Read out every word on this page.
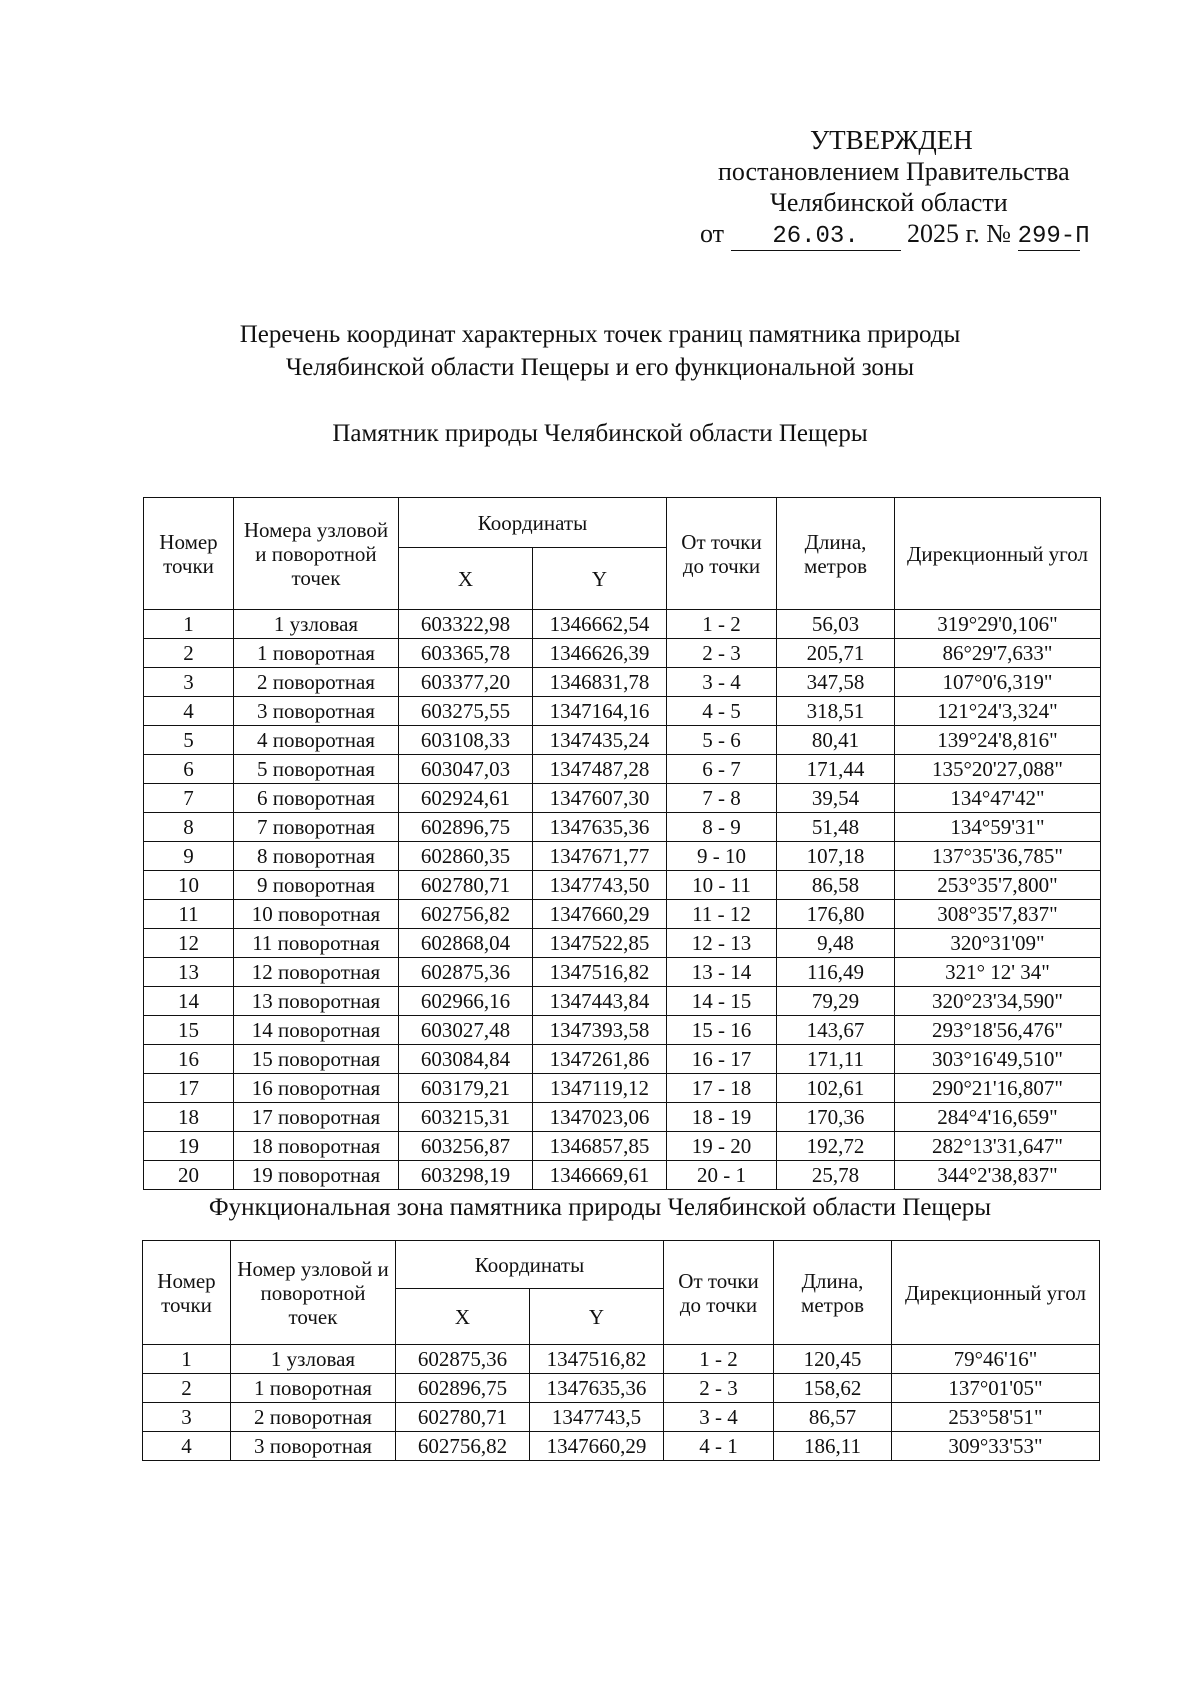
УТВЕРЖДЕН
постановлением Правительства
Челябинской области
от 26.03. 2025 г. № 299-П
Перечень координат характерных точек границ памятника природы
Челябинской области Пещеры и его функциональной зоны
Памятник природы Челябинской области Пещеры
Номер точки	Номера узловой и поворотной точек	Координаты		От точки до точки	Длина, метров	Дирекционный угол
		X	Y			
1	1 узловая	603322,98	1346662,54	1 - 2	56,03	319°29'0,106"
2	1 поворотная	603365,78	1346626,39	2 - 3	205,71	86°29'7,633"
3	2 поворотная	603377,20	1346831,78	3 - 4	347,58	107°0'6,319"
4	3 поворотная	603275,55	1347164,16	4 - 5	318,51	121°24'3,324"
5	4 поворотная	603108,33	1347435,24	5 - 6	80,41	139°24'8,816"
6	5 поворотная	603047,03	1347487,28	6 - 7	171,44	135°20'27,088"
7	6 поворотная	602924,61	1347607,30	7 - 8	39,54	134°47'42"
8	7 поворотная	602896,75	1347635,36	8 - 9	51,48	134°59'31"
9	8 поворотная	602860,35	1347671,77	9 - 10	107,18	137°35'36,785"
10	9 поворотная	602780,71	1347743,50	10 - 11	86,58	253°35'7,800"
11	10 поворотная	602756,82	1347660,29	11 - 12	176,80	308°35'7,837"
12	11 поворотная	602868,04	1347522,85	12 - 13	9,48	320°31'09"
13	12 поворотная	602875,36	1347516,82	13 - 14	116,49	321° 12' 34"
14	13 поворотная	602966,16	1347443,84	14 - 15	79,29	320°23'34,590"
15	14 поворотная	603027,48	1347393,58	15 - 16	143,67	293°18'56,476"
16	15 поворотная	603084,84	1347261,86	16 - 17	171,11	303°16'49,510"
17	16 поворотная	603179,21	1347119,12	17 - 18	102,61	290°21'16,807"
18	17 поворотная	603215,31	1347023,06	18 - 19	170,36	284°4'16,659"
19	18 поворотная	603256,87	1346857,85	19 - 20	192,72	282°13'31,647"
20	19 поворотная	603298,19	1346669,61	20 - 1	25,78	344°2'38,837"
Функциональная зона памятника природы Челябинской области Пещеры
Номер точки	Номер узловой и поворотной точек	Координаты		От точки до точки	Длина, метров	Дирекционный угол
		X	Y			
1	1 узловая	602875,36	1347516,82	1 - 2	120,45	79°46'16"
2	1 поворотная	602896,75	1347635,36	2 - 3	158,62	137°01'05"
3	2 поворотная	602780,71	1347743,5	3 - 4	86,57	253°58'51"
4	3 поворотная	602756,82	1347660,29	4 - 1	186,11	309°33'53"
